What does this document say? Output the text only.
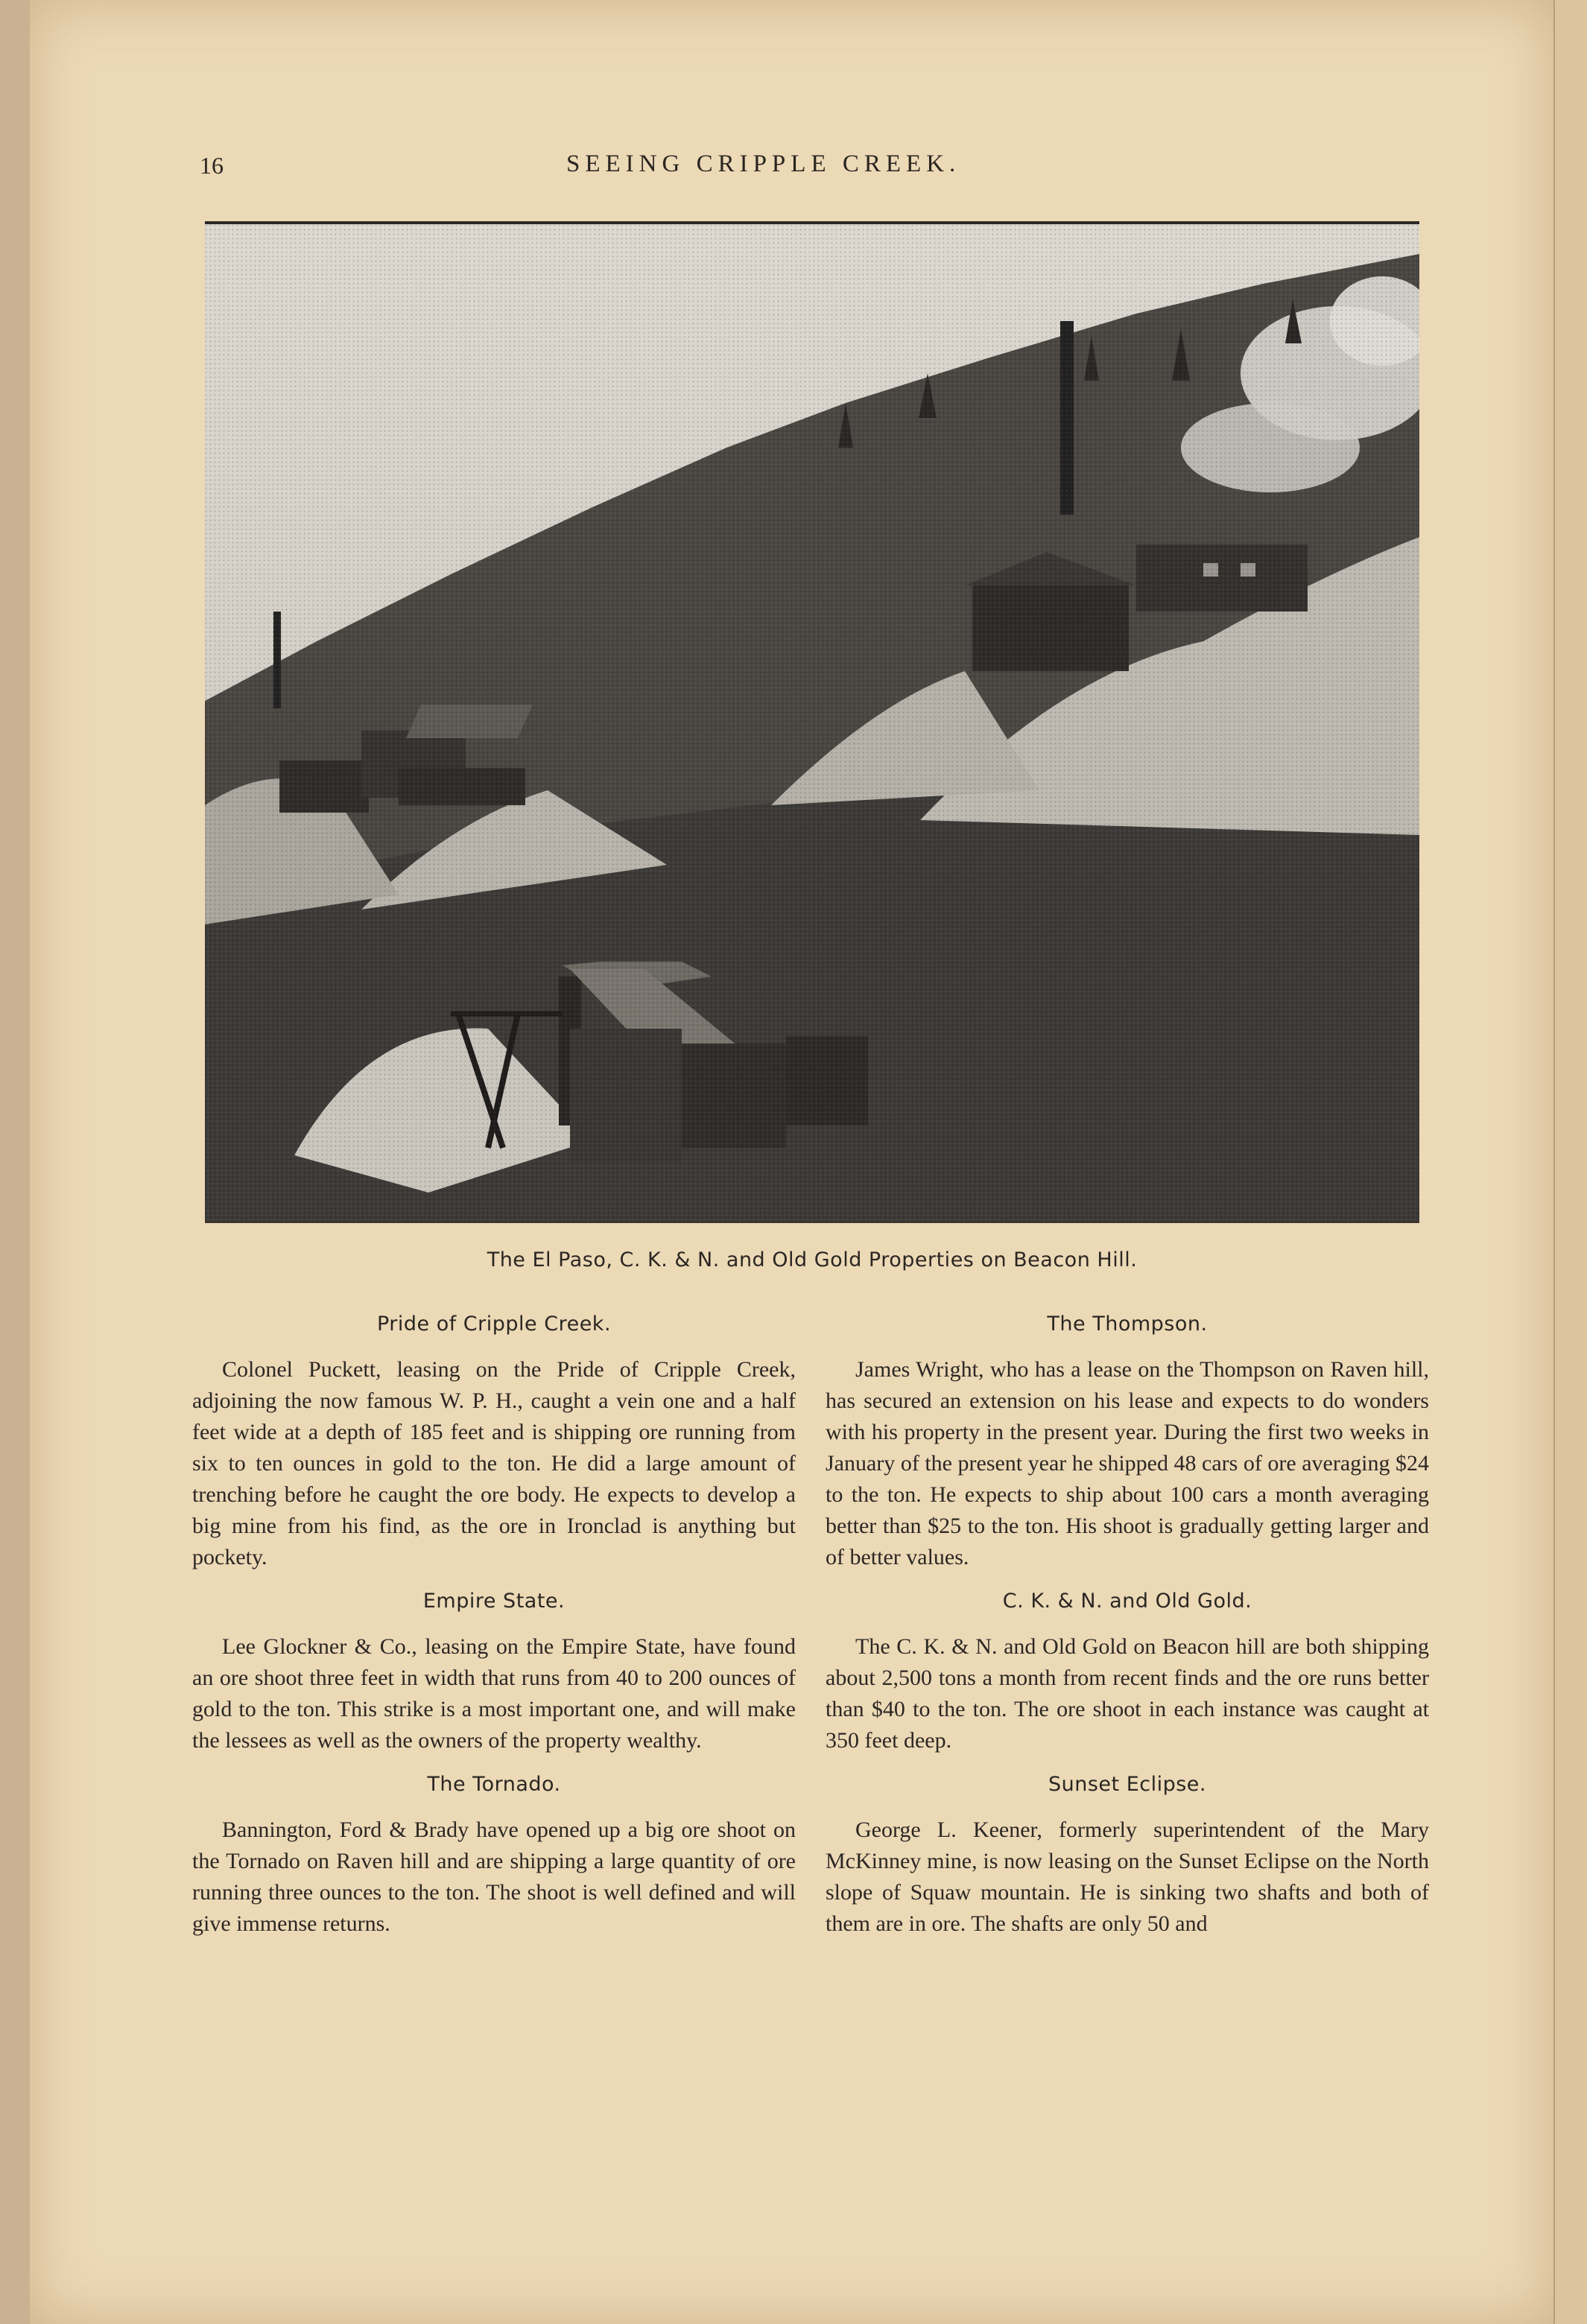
16	SEEING CRIPPLE CREEK.
The El Paso, C. K. & N. and Old Gold Properties on Beacon Hill.
Pride of Cripple Creek.

Colonel Puckett, leasing on the Pride of Cripple Creek, adjoining the now famous W. P. H., caught a vein one and a half feet wide at a depth of 185 feet and is shipping ore running from six to ten ounces in gold to the ton. He did a large amount of trenching before he caught the ore body. He expects to develop a big mine from his find, as the ore in Ironclad is anything but pockety.

Empire State.

Lee Glockner & Co., leasing on the Empire State, have found an ore shoot three feet in width that runs from 40 to 200 ounces of gold to the ton. This strike is a most important one, and will make the lessees as well as the owners of the property wealthy.

The Tornado.

Bannington, Ford & Brady have opened up a big ore shoot on the Tornado on Raven hill and are shipping a large quantity of ore running three ounces to the ton. The shoot is well defined and will give immense returns.

The Thompson.

James Wright, who has a lease on the Thompson on Raven hill, has secured an extension on his lease and expects to do wonders with his property in the present year. During the first two weeks in January of the present year he shipped 48 cars of ore averaging $24 to the ton. He expects to ship about 100 cars a month averaging better than $25 to the ton. His shoot is gradually getting larger and of better values.

C. K. & N. and Old Gold.

The C. K. & N. and Old Gold on Beacon hill are both shipping about 2,500 tons a month from recent finds and the ore runs better than $40 to the ton. The ore shoot in each instance was caught at 350 feet deep.

Sunset Eclipse.

George L. Keener, formerly superintendent of the Mary McKinney mine, is now leasing on the Sunset Eclipse on the North slope of Squaw mountain. He is sinking two shafts and both of them are in ore. The shafts are only 50 and
